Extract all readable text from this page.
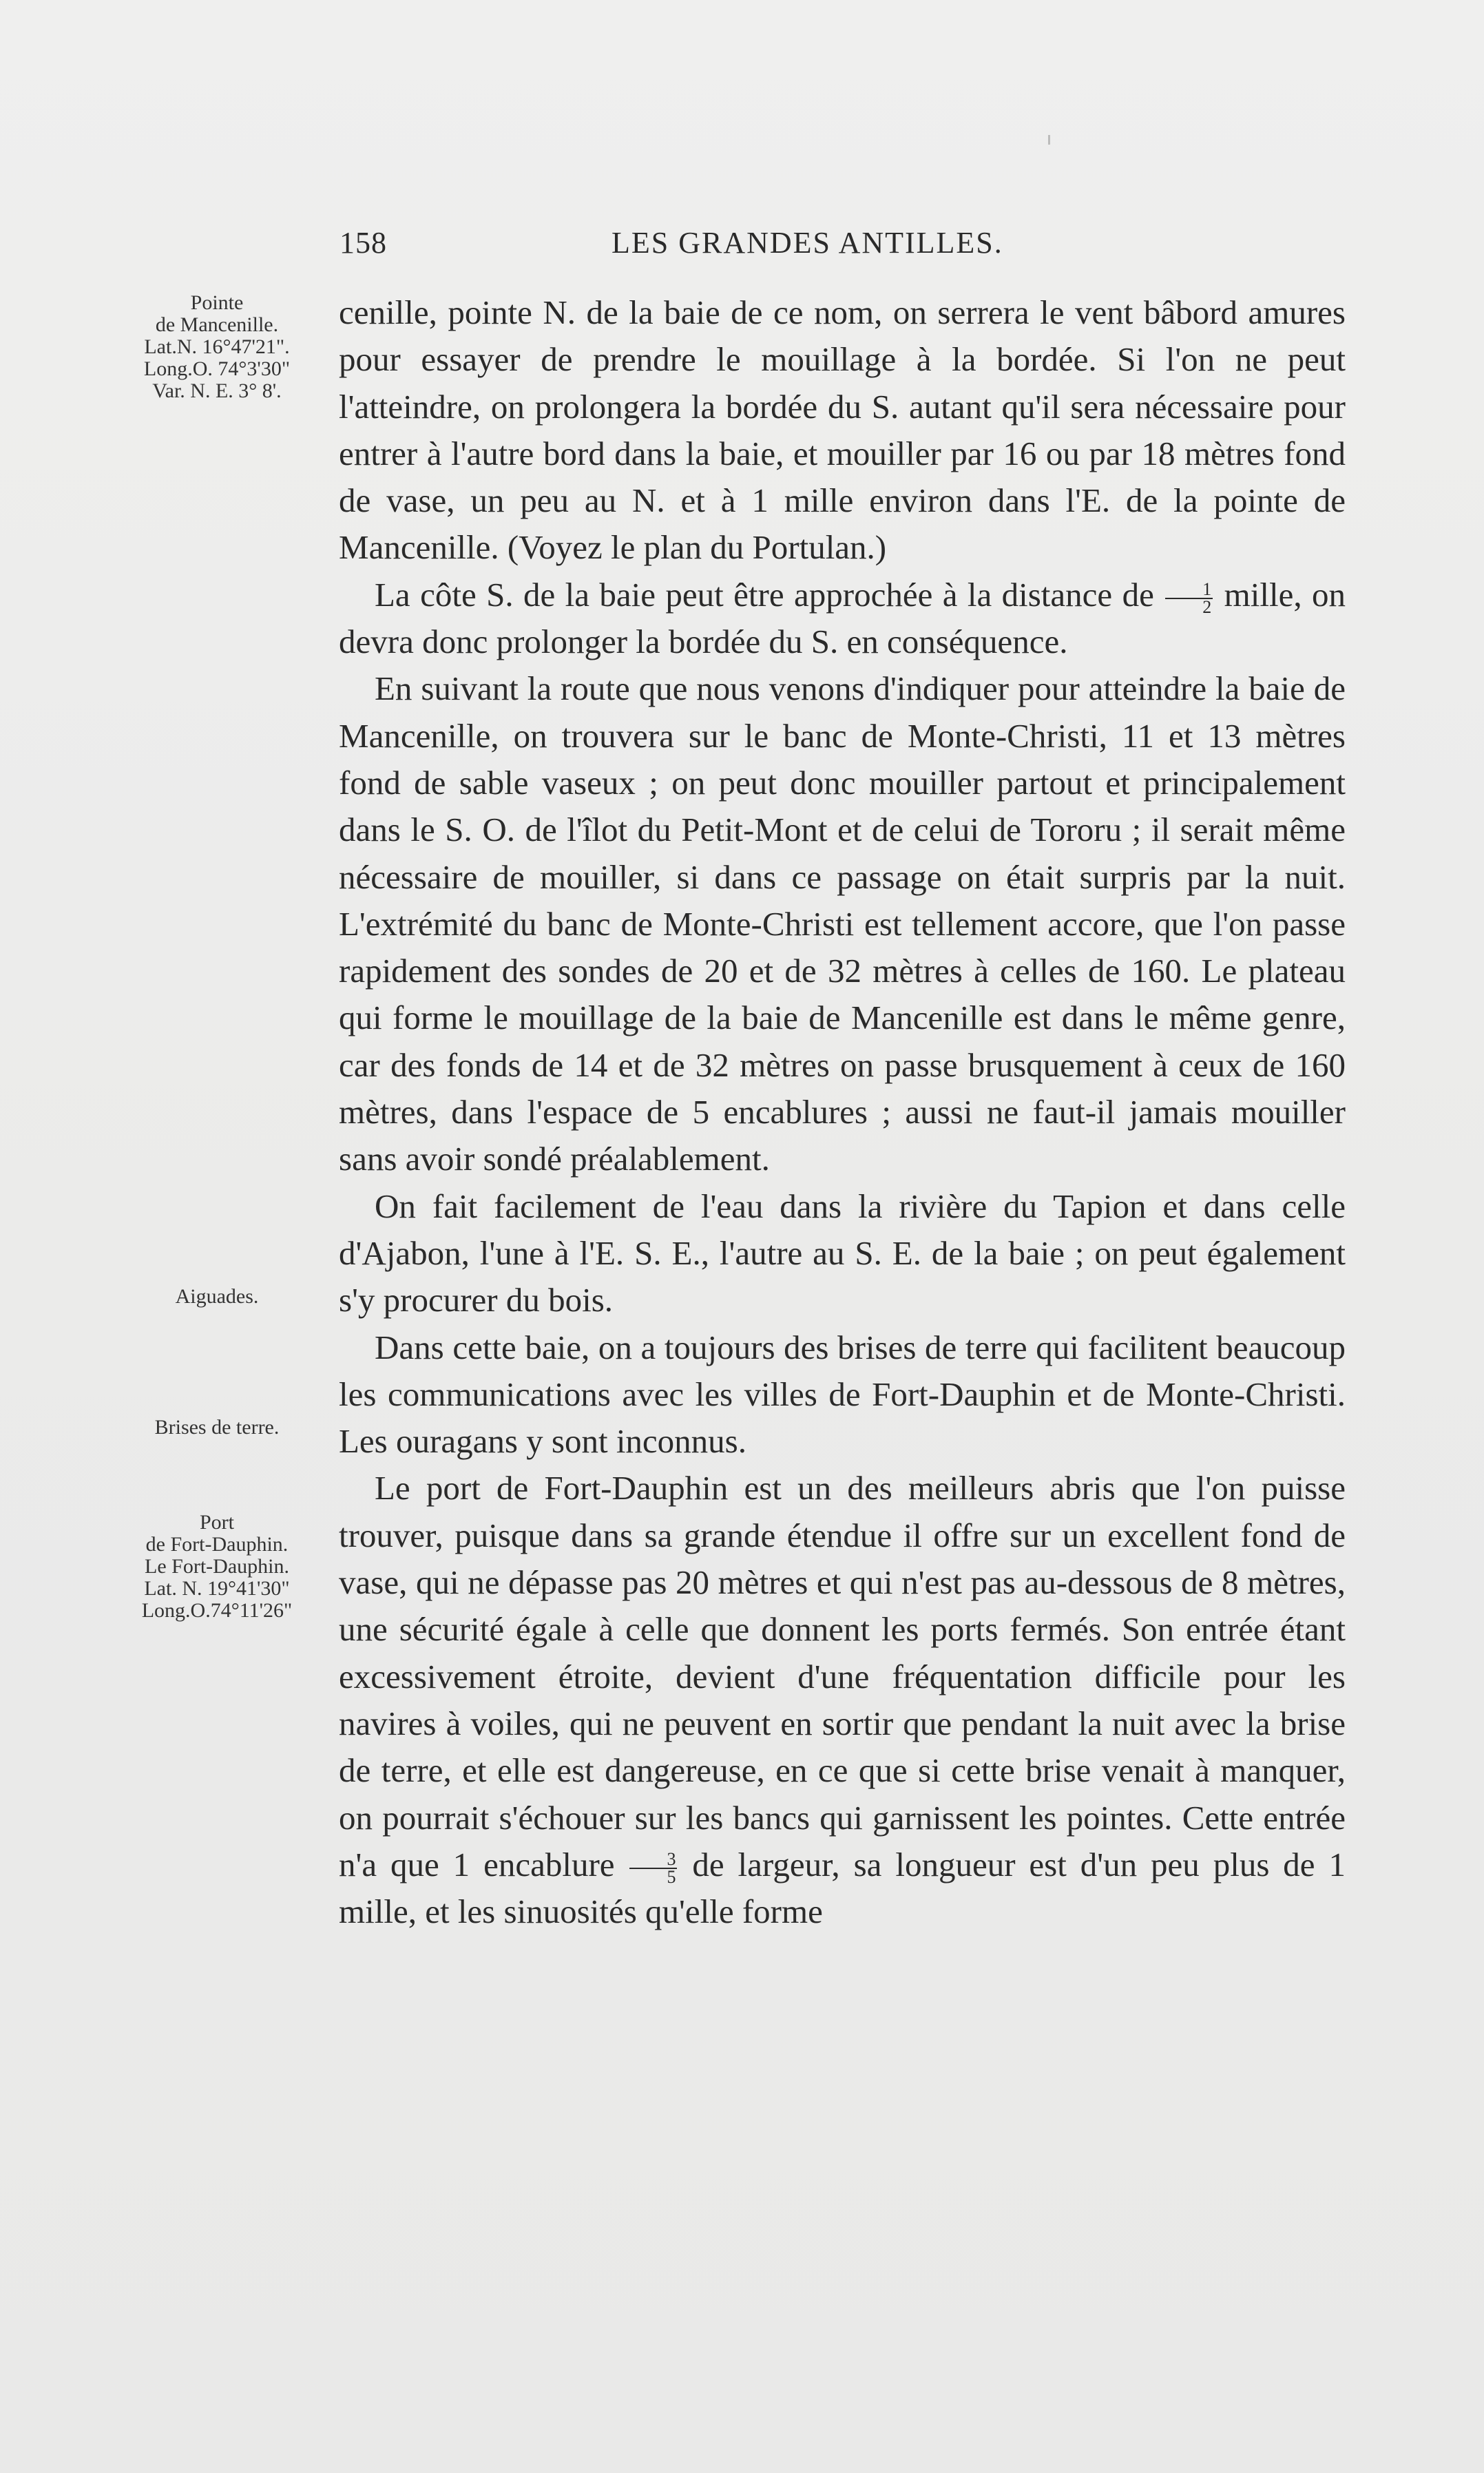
158	LES GRANDES ANTILLES.
Pointe
de Mancenille.
Lat.N. 16°47'21".
Long.O. 74°3'30"
Var. N. E. 3° 8'.
Aiguades.
Brises de terre.
Port
de Fort-Dauphin.
Le Fort-Dauphin.
Lat. N. 19°41'30"
Long.O.74°11'26"

cenille, pointe N. de la baie de ce nom, on serrera le vent bâbord amures pour essayer de prendre le mouillage à la bordée. Si l'on ne peut l'atteindre, on prolongera la bordée du S. autant qu'il sera nécessaire pour entrer à l'autre bord dans la baie, et mouiller par 16 ou par 18 mètres fond de vase, un peu au N. et à 1 mille environ dans l'E. de la pointe de Mancenille. (Voyez le plan du Portulan.)

La côte S. de la baie peut être approchée à la distance de $\frac{1}{2}$ mille, on devra donc prolonger la bordée du S. en conséquence.

En suivant la route que nous venons d'indiquer pour atteindre la baie de Mancenille, on trouvera sur le banc de Monte-Christi, 11 et 13 mètres fond de sable vaseux ; on peut donc mouiller partout et principalement dans le S. O. de l'îlot du Petit-Mont et de celui de Tororu ; il serait même nécessaire de mouiller, si dans ce passage on était surpris par la nuit. L'extrémité du banc de Monte-Christi est tellement accore, que l'on passe rapidement des sondes de 20 et de 32 mètres à celles de 160. Le plateau qui forme le mouillage de la baie de Mancenille est dans le même genre, car des fonds de 14 et de 32 mètres on passe brusquement à ceux de 160 mètres, dans l'espace de 5 encablures ; aussi ne faut-il jamais mouiller sans avoir sondé préalablement.

On fait facilement de l'eau dans la rivière du Tapion et dans celle d'Ajabon, l'une à l'E. S. E., l'autre au S. E. de la baie ; on peut également s'y procurer du bois.

Dans cette baie, on a toujours des brises de terre qui facilitent beaucoup les communications avec les villes de Fort-Dauphin et de Monte-Christi. Les ouragans y sont inconnus.

Le port de Fort-Dauphin est un des meilleurs abris que l'on puisse trouver, puisque dans sa grande étendue il offre sur un excellent fond de vase, qui ne dépasse pas 20 mètres et qui n'est pas au-dessous de 8 mètres, une sécurité égale à celle que donnent les ports fermés. Son entrée étant excessivement étroite, devient d'une fréquentation difficile pour les navires à voiles, qui ne peuvent en sortir que pendant la nuit avec la brise de terre, et elle est dangereuse, en ce que si cette brise venait à manquer, on pourrait s'échouer sur les bancs qui garnissent les pointes. Cette entrée n'a que 1 encablure $\frac{3}{5}$ de largeur, sa longueur est d'un peu plus de 1 mille, et les sinuosités qu'elle forme
